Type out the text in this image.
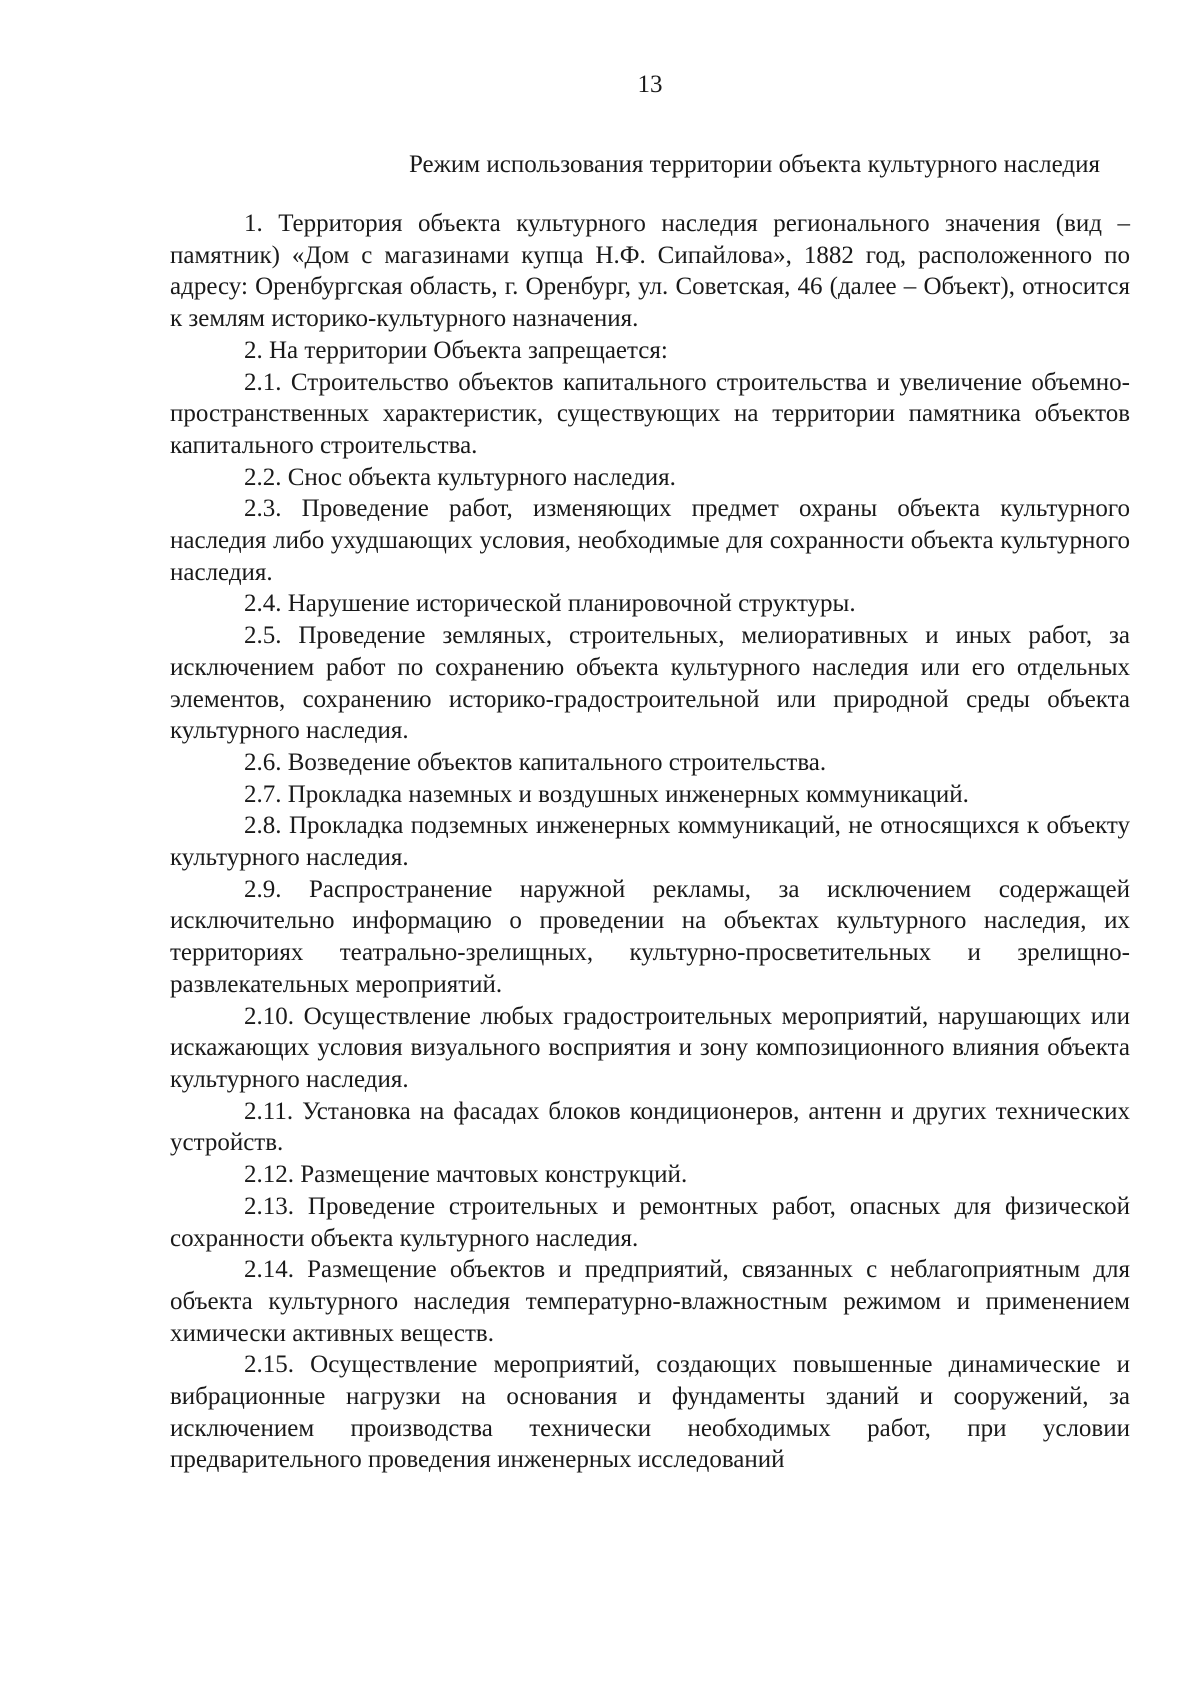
13
Режим использования территории объекта культурного наследия

1. Территория объекта культурного наследия регионального значения (вид – памятник) «Дом с магазинами купца Н.Ф. Сипайлова», 1882 год, расположенного по адресу: Оренбургская область, г. Оренбург, ул. Советская, 46 (далее – Объект), относится к землям историко-культурного назначения.

2. На территории Объекта запрещается:

2.1. Строительство объектов капитального строительства и увеличение объемно-пространственных характеристик, существующих на территории памятника объектов капитального строительства.

2.2. Снос объекта культурного наследия.

2.3. Проведение работ, изменяющих предмет охраны объекта культурного наследия либо ухудшающих условия, необходимые для сохранности объекта культурного наследия.

2.4. Нарушение исторической планировочной структуры.

2.5. Проведение земляных, строительных, мелиоративных и иных работ, за исключением работ по сохранению объекта культурного наследия или его отдельных элементов, сохранению историко-градостроительной или природной среды объекта культурного наследия.

2.6. Возведение объектов капитального строительства.

2.7. Прокладка наземных и воздушных инженерных коммуникаций.

2.8. Прокладка подземных инженерных коммуникаций, не относящихся к объекту культурного наследия.

2.9. Распространение наружной рекламы, за исключением содержащей исключительно информацию о проведении на объектах культурного наследия, их территориях театрально-зрелищных, культурно-просветительных и зрелищно-развлекательных мероприятий.

2.10. Осуществление любых градостроительных мероприятий, нарушающих или искажающих условия визуального восприятия и зону композиционного влияния объекта культурного наследия.

2.11. Установка на фасадах блоков кондиционеров, антенн и других технических устройств.

2.12. Размещение мачтовых конструкций.

2.13. Проведение строительных и ремонтных работ, опасных для физической сохранности объекта культурного наследия.

2.14. Размещение объектов и предприятий, связанных с неблагоприятным для объекта культурного наследия температурно-влажностным режимом и применением химически активных веществ.

2.15. Осуществление мероприятий, создающих повышенные динамические и вибрационные нагрузки на основания и фундаменты зданий и сооружений, за исключением производства технически необходимых работ, при условии предварительного проведения инженерных исследований
